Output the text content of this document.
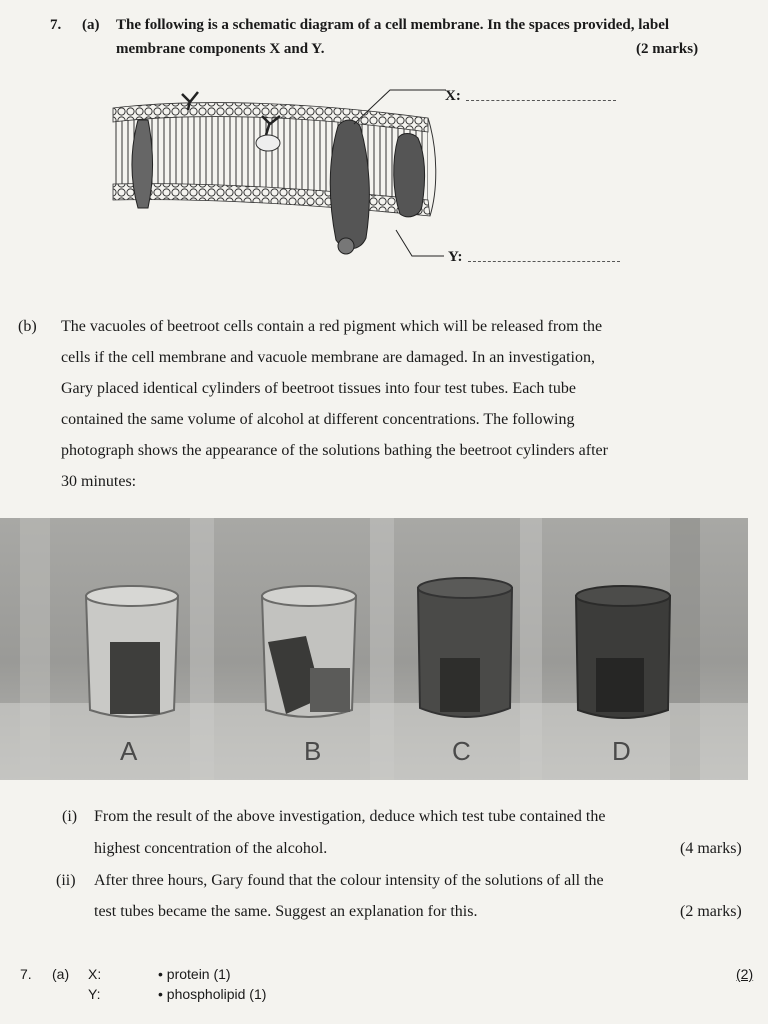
7. (a) The following is a schematic diagram of a cell membrane. In the spaces provided, label
membrane components X and Y.	(2 marks)
X:
Y:
(b) The vacuoles of beetroot cells contain a red pigment which will be released from the
cells if the cell membrane and vacuole membrane are damaged. In an investigation,
Gary placed identical cylinders of beetroot tissues into four test tubes. Each tube
contained the same volume of alcohol at different concentrations. The following
photograph shows the appearance of the solutions bathing the beetroot cylinders after
30 minutes:
A	B	C	D
(i) From the result of the above investigation, deduce which test tube contained the
highest concentration of the alcohol.	(4 marks)
(ii) After three hours, Gary found that the colour intensity of the solutions of all the
test tubes became the same. Suggest an explanation for this.	(2 marks)
7. (a) X:	• protein (1)	(2)
Y:	• phospholipid (1)
